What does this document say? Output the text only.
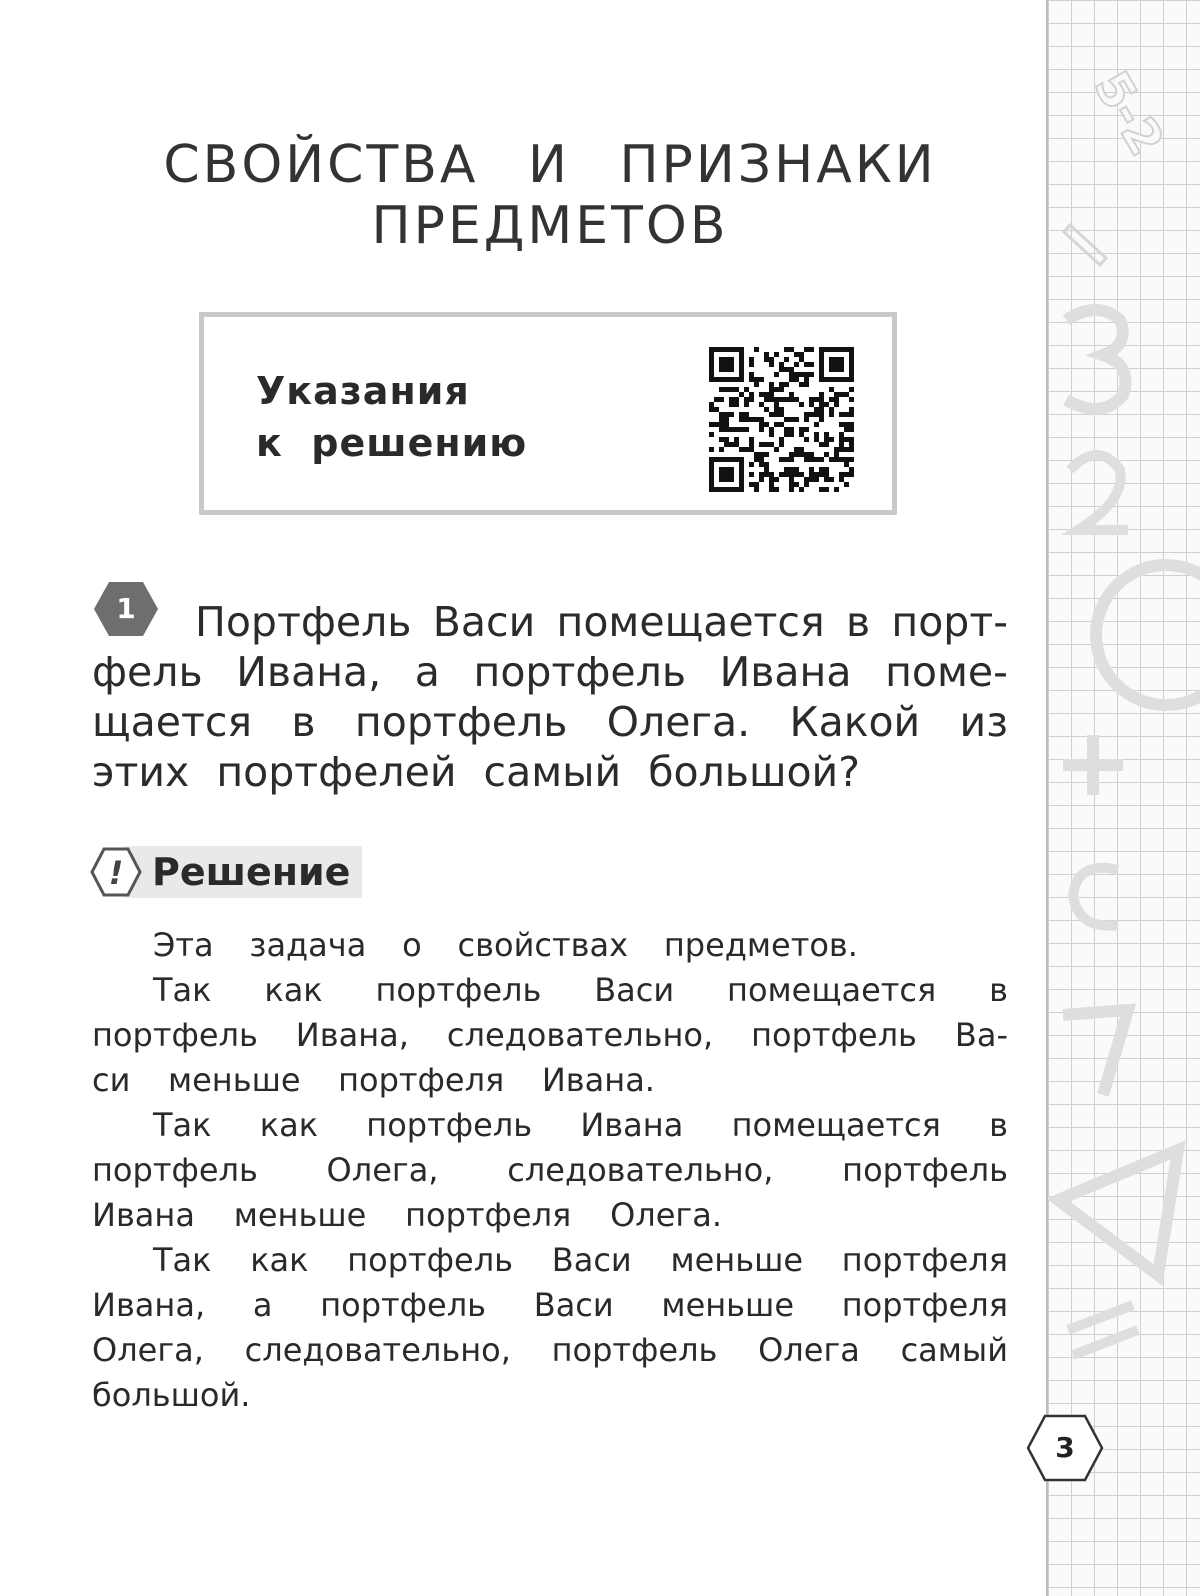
5-2
СВОЙСТВА И ПРИЗНАКИ
ПРЕДМЕТОВ
Указания
к  решению
1	Портфель Васи помещается в порт-
фель Ивана, а портфель Ивана поме-
щается в портфель Олега. Какой из
этих портфелей самый большой?
! Решение
Эта задача о свойствах предметов.
Так как портфель Васи помещается в
портфель Ивана, следовательно, портфель Ва-
си меньше портфеля Ивана.
Так как портфель Ивана помещается в
портфель Олега, следовательно, портфель
Ивана меньше портфеля Олега.
Так как портфель Васи меньше портфеля
Ивана, а портфель Васи меньше портфеля
Олега, следовательно, портфель Олега самый
большой.
3
